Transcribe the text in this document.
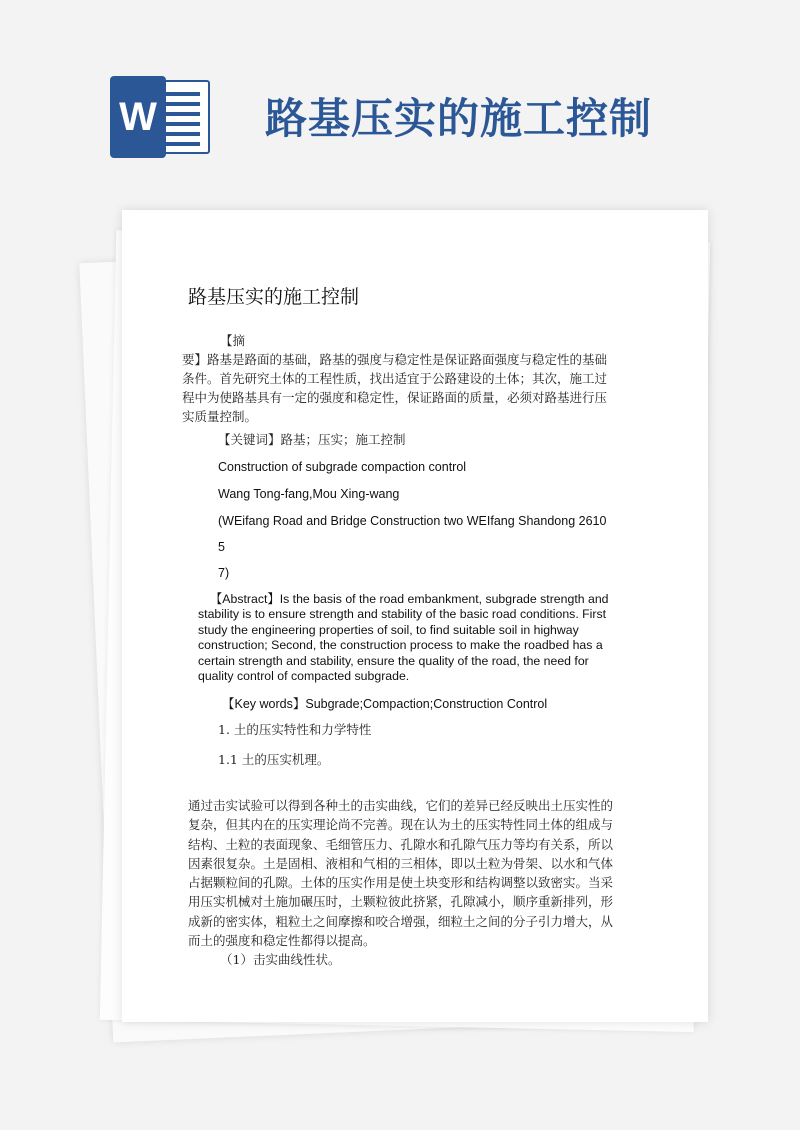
W	路基压实的施工控制
路基压实的施工控制
【摘
要】路基是路面的基础，路基的强度与稳定性是保证路面强度与稳定性的基础
条件。首先研究土体的工程性质，找出适宜于公路建设的土体；其次，施工过
程中为使路基具有一定的强度和稳定性，保证路面的质量，必须对路基进行压
实质量控制。
【关键词】路基；压实；施工控制
Construction of subgrade compaction control
Wang Tong-fang,Mou Xing-wang
(WEifang Road and Bridge Construction two WEIfang Shandong 2610
5
7)
【Abstract】Is the basis of the road embankment, subgrade strength and
stability is to ensure strength and stability of the basic road conditions. First
study the engineering properties of soil, to find suitable soil in highway
construction; Second, the construction process to make the roadbed has a
certain strength and stability, ensure the quality of the road, the need for
quality control of compacted subgrade.
【Key words】Subgrade;Compaction;Construction Control
1. 土的压实特性和力学特性
1.1 土的压实机理。
通过击实试验可以得到各种土的击实曲线，它们的差异已经反映出土压实性的
复杂，但其内在的压实理论尚不完善。现在认为土的压实特性同土体的组成与
结构、土粒的表面现象、毛细管压力、孔隙水和孔隙气压力等均有关系，所以
因素很复杂。土是固相、液相和气相的三相体，即以土粒为骨架、以水和气体
占据颗粒间的孔隙。土体的压实作用是使土块变形和结构调整以致密实。当采
用压实机械对土施加碾压时，土颗粒彼此挤紧，孔隙减小，顺序重新排列，形
成新的密实体，粗粒土之间摩擦和咬合增强，细粒土之间的分子引力增大，从
而土的强度和稳定性都得以提高。
（1）击实曲线性状。
